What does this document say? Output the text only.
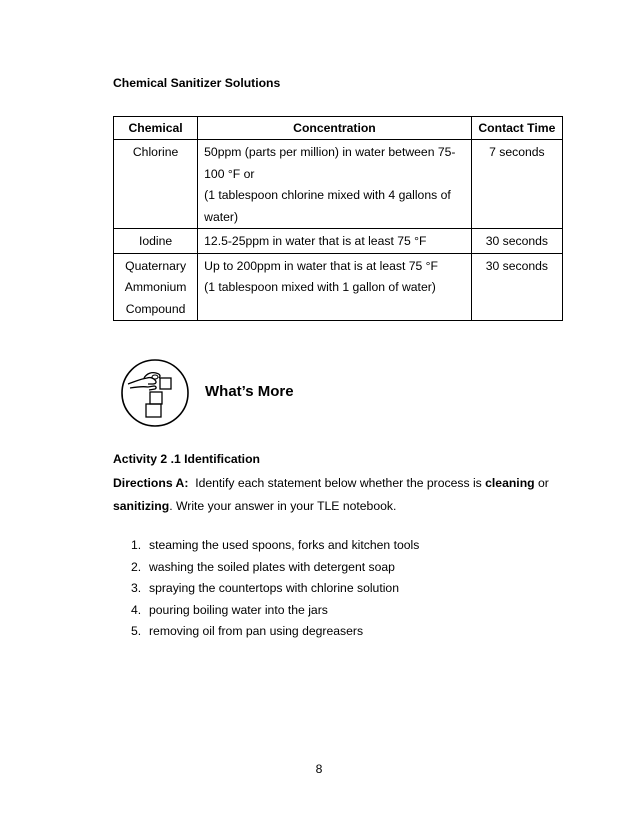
Chemical Sanitizer Solutions
Chemical	Concentration	Contact Time

Chlorine	50ppm (parts per million) in water between 75-
100 °F or
(1 tablespoon chlorine mixed with 4 gallons of
water)	7 seconds

Iodine	12.5-25ppm in water that is at least 75 °F	30 seconds

Quaternary
Ammonium
Compound	Up to 200ppm in water that is at least 75 °F
(1 tablespoon mixed with 1 gallon of water)	30 seconds
What’s More
Activity 2 .1 Identification
Directions A: Identify each statement below whether the process is cleaning or
sanitizing. Write your answer in your TLE notebook.
1. steaming the used spoons, forks and kitchen tools
2. washing the soiled plates with detergent soap
3. spraying the countertops with chlorine solution
4. pouring boiling water into the jars
5. removing oil from pan using degreasers
8
